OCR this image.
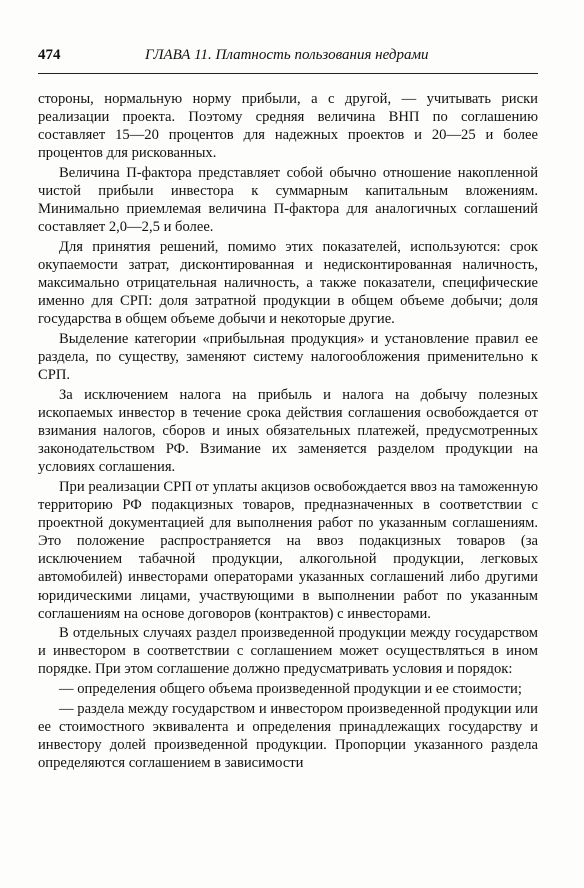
474	ГЛАВА 11. Платность пользования недрами

стороны, нормальную норму прибыли, а с другой, — учитывать риски реализации проекта. Поэтому средняя величина ВНП по соглашению составляет 15—20 процентов для надежных проектов и 20—25 и более процентов для рискованных.

Величина П-фактора представляет собой обычно отношение накопленной чистой прибыли инвестора к суммарным капитальным вложениям. Минимально приемлемая величина П-фактора для аналогичных соглашений составляет 2,0—2,5 и более.

Для принятия решений, помимо этих показателей, используются: срок окупаемости затрат, дисконтированная и недисконтированная наличность, максимально отрицательная наличность, а также показатели, специфические именно для СРП: доля затратной продукции в общем объеме добычи; доля государства в общем объеме добычи и некоторые другие.

Выделение категории «прибыльная продукция» и установление правил ее раздела, по существу, заменяют систему налогообложения применительно к СРП.

За исключением налога на прибыль и налога на добычу полезных ископаемых инвестор в течение срока действия соглашения освобождается от взимания налогов, сборов и иных обязательных платежей, предусмотренных законодательством РФ. Взимание их заменяется разделом продукции на условиях соглашения.

При реализации СРП от уплаты акцизов освобождается ввоз на таможенную территорию РФ подакцизных товаров, предназначенных в соответствии с проектной документацией для выполнения работ по указанным соглашениям. Это положение распространяется на ввоз подакцизных товаров (за исключением табачной продукции, алкогольной продукции, легковых автомобилей) инвесторами операторами указанных соглашений либо другими юридическими лицами, участвующими в выполнении работ по указанным соглашениям на основе договоров (контрактов) с инвесторами.

В отдельных случаях раздел произведенной продукции между государством и инвестором в соответствии с соглашением может осуществляться в ином порядке. При этом соглашение должно предусматривать условия и порядок:

— определения общего объема произведенной продукции и ее стоимости;

— раздела между государством и инвестором произведенной продукции или ее стоимостного эквивалента и определения принадлежащих государству и инвестору долей произведенной продукции. Пропорции указанного раздела определяются соглашением в зависимости
